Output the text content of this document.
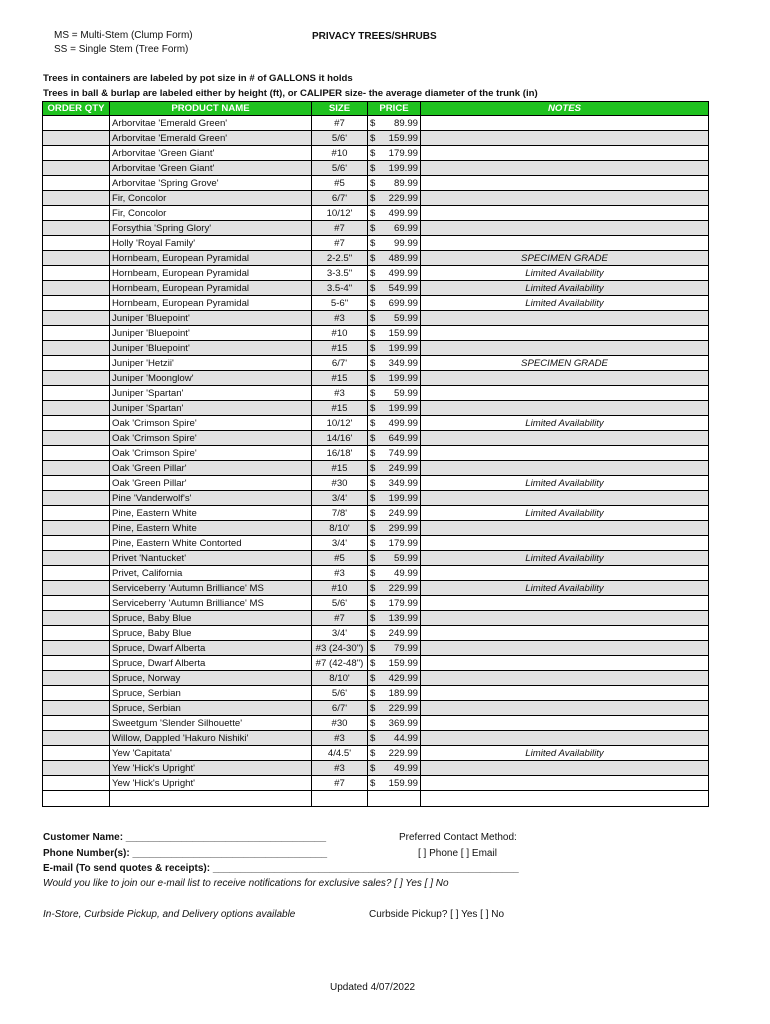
MS = Multi-Stem (Clump Form)
SS = Single Stem (Tree Form)
PRIVACY TREES/SHRUBS
Trees in containers are labeled by pot size in # of GALLONS it holds
Trees in ball & burlap are labeled either by height (ft), or CALIPER size- the average diameter of the trunk (in)
ORDER QTY	PRODUCT NAME	SIZE	PRICE	NOTES
	Arborvitae 'Emerald Green'	#7	$ 89.99	

	Arborvitae 'Emerald Green'	5/6'	$ 159.99	

	Arborvitae 'Green Giant'	#10	$ 179.99	

	Arborvitae 'Green Giant'	5/6'	$ 199.99	

	Arborvitae 'Spring Grove'	#5	$ 89.99	

	Fir, Concolor	6/7'	$ 229.99	

	Fir, Concolor	10/12'	$ 499.99	

	Forsythia 'Spring Glory'	#7	$ 69.99	

	Holly 'Royal Family'	#7	$ 99.99	

	Hornbeam, European Pyramidal	2-2.5"	$ 489.99	SPECIMEN GRADE
	Hornbeam, European Pyramidal	3-3.5"	$ 499.99	Limited Availability
	Hornbeam, European Pyramidal	3.5-4"	$ 549.99	Limited Availability
	Hornbeam, European Pyramidal	5-6"	$ 699.99	Limited Availability
	Juniper 'Bluepoint'	#3	$ 59.99	

	Juniper 'Bluepoint'	#10	$ 159.99	

	Juniper 'Bluepoint'	#15	$ 199.99	

	Juniper 'Hetzii'	6/7'	$ 349.99	SPECIMEN GRADE
	Juniper 'Moonglow'	#15	$ 199.99	

	Juniper 'Spartan'	#3	$ 59.99	

	Juniper 'Spartan'	#15	$ 199.99	

	Oak 'Crimson Spire'	10/12'	$ 499.99	Limited Availability
	Oak 'Crimson Spire'	14/16'	$ 649.99	

	Oak 'Crimson Spire'	16/18'	$ 749.99	

	Oak 'Green Pillar'	#15	$ 249.99	

	Oak 'Green Pillar'	#30	$ 349.99	Limited Availability
	Pine 'Vanderwolf's'	3/4'	$ 199.99	

	Pine, Eastern White	7/8'	$ 249.99	Limited Availability
	Pine, Eastern White	8/10'	$ 299.99	

	Pine, Eastern White Contorted	3/4'	$ 179.99	

	Privet 'Nantucket'	#5	$ 59.99	Limited Availability
	Privet, California	#3	$ 49.99	

	Serviceberry 'Autumn Brilliance' MS	#10	$ 229.99	Limited Availability
	Serviceberry 'Autumn Brilliance' MS	5/6'	$ 179.99	

	Spruce, Baby Blue	#7	$ 139.99	

	Spruce, Baby Blue	3/4'	$ 249.99	

	Spruce, Dwarf Alberta	#3 (24-30")	$ 79.99	

	Spruce, Dwarf Alberta	#7 (42-48")	$ 159.99	

	Spruce, Norway	8/10'	$ 429.99	

	Spruce, Serbian	5/6'	$ 189.99	

	Spruce, Serbian	6/7'	$ 229.99	

	Sweetgum 'Slender Silhouette'	#30	$ 369.99	

	Willow, Dappled 'Hakuro Nishiki'	#3	$ 44.99	

	Yew 'Capitata'	4/4.5'	$ 229.99	Limited Availability
	Yew 'Hick's Upright'	#3	$ 49.99	

	Yew 'Hick's Upright'	#7	$ 159.99	

Customer Name: ____________________________________	Preferred Contact Method:
Phone Number(s): ___________________________________	[ ] Phone [ ] Email
E-mail (To send quotes & receipts): _______________________________________________________
Would you like to join our e-mail list to receive notifications for exclusive sales? [ ] Yes [ ] No
In-Store, Curbside Pickup, and Delivery options available	Curbside Pickup? [ ] Yes [ ] No
Updated 4/07/2022
